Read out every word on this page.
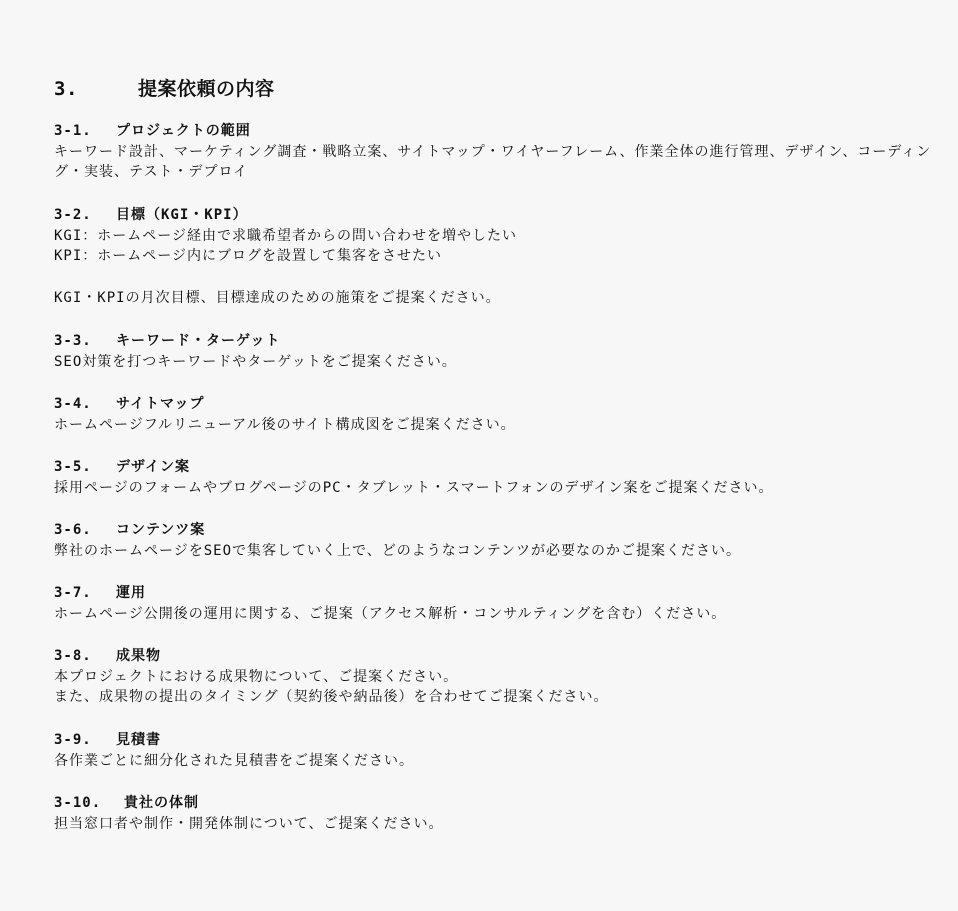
3.	提案依頼の内容
3-1. プロジェクトの範囲
キーワード設計、マーケティング調査・戦略立案、サイトマップ・ワイヤーフレーム、作業全体の進行管理、デザイン、コーディング・実装、テスト・デプロイ
3-2. 目標（KGI・KPI）
KGI：ホームページ経由で求職希望者からの問い合わせを増やしたい
KPI：ホームページ内にブログを設置して集客をさせたい
KGI・KPIの月次目標、目標達成のための施策をご提案ください。
3-3. キーワード・ターゲット
SEO対策を打つキーワードやターゲットをご提案ください。
3-4. サイトマップ
ホームページフルリニューアル後のサイト構成図をご提案ください。
3-5. デザイン案
採用ページのフォームやブログページのPC・タブレット・スマートフォンのデザイン案をご提案ください。
3-6. コンテンツ案
弊社のホームページをSEOで集客していく上で、どのようなコンテンツが必要なのかご提案ください。
3-7. 運用
ホームページ公開後の運用に関する、ご提案（アクセス解析・コンサルティングを含む）ください。
3-8. 成果物
本プロジェクトにおける成果物について、ご提案ください。
また、成果物の提出のタイミング（契約後や納品後）を合わせてご提案ください。
3-9. 見積書
各作業ごとに細分化された見積書をご提案ください。
3-10. 貴社の体制
担当窓口者や制作・開発体制について、ご提案ください。
